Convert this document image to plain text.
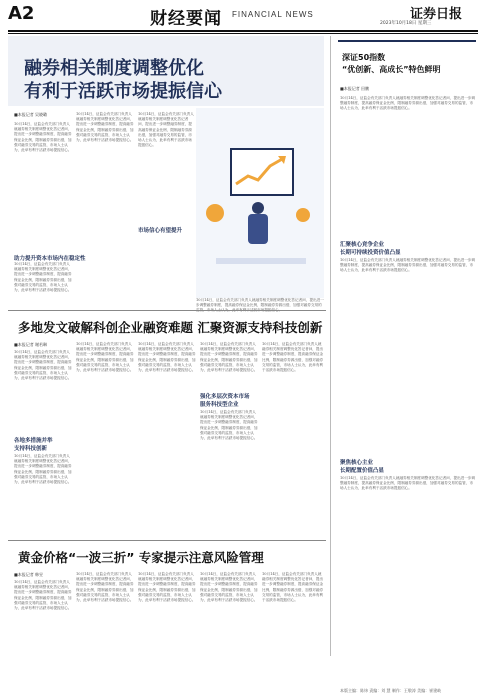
A2	财经要闻 FINANCIAL NEWS	证券日报
2023年10月18日 星期三
融券相关制度调整优化
有利于活跃市场提振信心
■本报记者 吴晓璐
10月14日，证监会有关部门负责人就融券相关制度调整优化答记者问，提出进一步调整融券制度，提高融券保证金比例，限制融券券源出借，加强对融券交易的监管，市场人士认为，此举有利于活跃市场提振信心。
助力提升资本市场内在稳定性
10月14日，证监会有关部门负责人就融券相关制度调整优化答记者问，提出进一步调整融券制度，提高融券保证金比例，限制融券券源出借，加强对融券交易的监管，市场人士认为，此举有利于活跃市场提振信心。
10月14日，证监会有关部门负责人就融券相关制度调整优化答记者问，提出进一步调整融券制度，提高融券保证金比例，限制融券券源出借，加强对融券交易的监管，市场人士认为，此举有利于活跃市场提振信心。
10月14日，证监会有关部门负责人就融券相关制度调整优化答记者问，提出进一步调整融券制度，提高融券保证金比例，限制融券券源出借，加强对融券交易的监管，市场人士认为，此举有利于活跃市场提振信心。
10月14日，证监会有关部门负责人就融券相关制度调整优化答记者问，提出进一步调整融券制度，提高融券保证金比例，限制融券券源出借，加强对融券交易的
市场信心有望提升
深证50指数
“优创新、高成长”特色鲜明
■本报记者 田鹏
10月14日，证监会有关部门负责人就融券相关制度调整优化答记者问，提出进一步调整融券制度，提高融券保证金比例，限制融券券源出借，加强对融券交易的监管，市场人士认为，此举有利于活跃市场提振信心。
汇聚核心竞争企业
长期可持续投资价值凸显
10月14日，证监会有关部门负责人就融券相关制度调整优化答记者问，提出进一步调整融券制度，提高融券保证金比例，限制融券券源出借，加强对融券交易的监管，市场人士认为，此举有利于活跃市场提振信心。
聚焦核心主业
长期配置价值凸显
10月14日，证监会有关部门负责人就融券相关制度调整优化答记者问，提出进一步调整融券制度，提高融券保证金比例，限制融券券源出借，加强对融券交易的监管，市场人士认为，此举有利于活跃市场提振信心。
多地发文破解科创企业融资难题 汇聚资源支持科技创新
■本报记者 谢若琳
10月14日，证监会有关部门负责人就融券相关制度调整优化答记者问，提出进一步调整融券制度，提高融券保证金比例，限制融券券源出借，加强对融券交易的监管，市场人士认为，此举有利于活跃市场提振信心。
各地多措施并举
支持科技创新
10月14日，证监会有关部门负责人就融券相关制度调整优化答记者问，提出进一步调整融券制度，提高融券保证金比例，限制融券券源出借，加强对融券交易的监管，市场人士认为，此举有利于活跃市场提振信心。
10月14日，证监会有关部门负责人就融券相关制度调整优化答记者问，提出进一步调整融券制度，提高融券保证金比例，限制融券券源出借，加强对融券交易的监管，市场人士认为，此举有利于活跃市场提振信心。
10月14日，证监会有关部门负责人就融券相关制度调整优化答记者问，提出进一步调整融券制度，提高融券保证金比例，限制融券券源出借，加强对融券交易的监管，市场人士认为，此举有利于活跃市场提振信心。
10月14日，证监会有关部门负责人就融券相关制度调整优化答记者问，提出进一步调整融券制度，提高融券保证金比例，限制融券券源出借，加强对融券交易的监管，市场人士认为，此举有利于活跃市场提振信心。
强化多层次资本市场
服务科技型企业
10月14日，证监会有关部门负责人就融券相关制度调整优化答记者问，提出进一步调整融券制度，提高融券保证金比例，限制融券券源出借，加强对融券交易的监管，市场人士认为，此举有利于活跃市场提振信心。
10月14日，证监会有关部门负责人就融券相关制度调整优化答记者问，提出进一步调整融券制度，提高融券保证金比例，限制融券券源出借，加强对融券交易的监管，市场人士认为，此举有利于活跃市场提振信心。
黄金价格“一波三折” 专家提示注意风险管理
■本报记者 韩昱
10月14日，证监会有关部门负责人就融券相关制度调整优化答记者问，提出进一步调整融券制度，提高融券保证金比例，限制融券券源出借，加强对融券交易的监管，市场人士认为，此举有利于活跃市场提振信心。
10月14日，证监会有关部门负责人就融券相关制度调整优化答记者问，提出进一步调整融券制度，提高融券保证金比例，限制融券券源出借，加强对融券交易的监管，市场人士认为，此举有利于活跃市场提振信心。
10月14日，证监会有关部门负责人就融券相关制度调整优化答记者问，提出进一步调整融券制度，提高融券保证金比例，限制融券券源出借，加强对融券交易的监管，市场人士认为，此举有利于活跃市场提振信心。
10月14日，证监会有关部门负责人就融券相关制度调整优化答记者问，提出进一步调整融券制度，提高融券保证金比例，限制融券券源出借，加强对融券交易的监管，市场人士认为，此举有利于活跃市场提振信心。
10月14日，证监会有关部门负责人就融券相关制度调整优化答记者问，提出进一步调整融券制度，提高融券保证金比例，限制融券券源出借，加强对融券交易的监管，市场人士认为，此举有利于活跃市场提振信心。
本版主编：陈炜 责编：刘 慧 制作：王敬涛 美编：崔建岐
